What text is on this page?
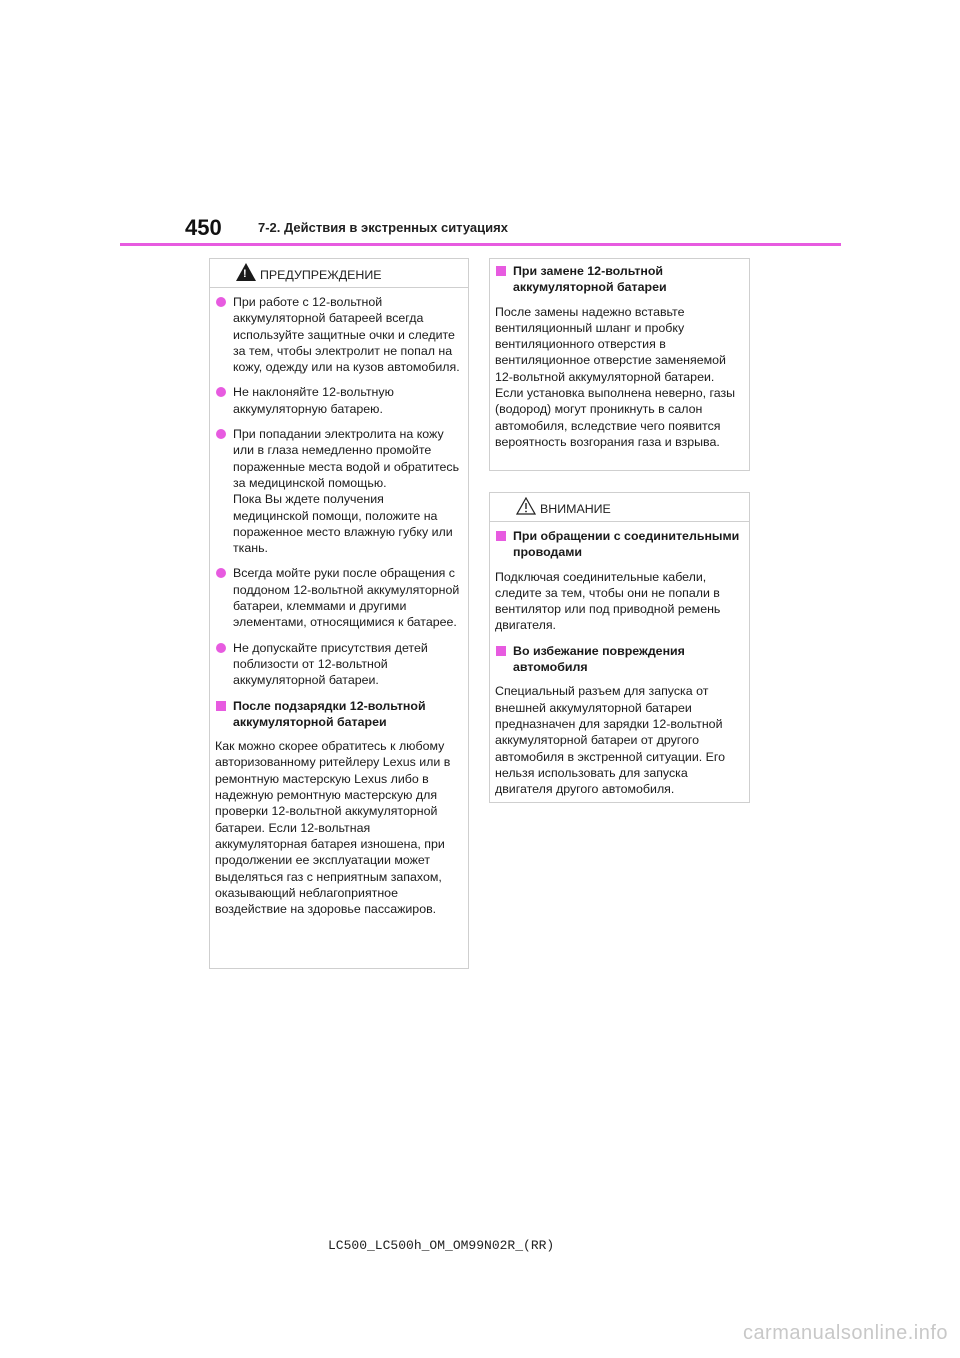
450	7-2. Действия в экстренных ситуациях
!
ПРЕДУПРЕЖДЕНИЕ
При работе с 12-вольтной аккумуляторной батареей всегда используйте защитные очки и следите за тем, чтобы электролит не попал на кожу, одежду или на кузов автомобиля.
Не наклоняйте 12-вольтную аккумуляторную батарею.
При попадании электролита на кожу или в глаза немедленно промойте пораженные места водой и обратитесь за медицинской помощью.
Пока Вы ждете получения медицинской помощи, положите на пораженное место влажную губку или ткань.
Всегда мойте руки после обращения с поддоном 12-вольтной аккумуляторной батареи, клеммами и другими элементами, относящимися к батарее.
Не допускайте присутствия детей поблизости от 12-вольтной аккумуляторной батареи.
После подзарядки 12-вольтной аккумуляторной батареи
Как можно скорее обратитесь к любому авторизованному ритейлеру Lexus или в ремонтную мастерскую Lexus либо в надежную ремонтную мастерскую для проверки 12-вольтной аккумуляторной батареи. Если 12-вольтная аккумуляторная батарея изношена, при продолжении ее эксплуатации может выделяться газ с неприятным запахом, оказывающий неблагоприятное воздействие на здоровье пассажиров.
При замене 12-вольтной аккумуляторной батареи
После замены надежно вставьте вентиляционный шланг и пробку вентиляционного отверстия в вентиляционное отверстие заменяемой 12-вольтной аккумуляторной батареи. Если установка выполнена неверно, газы (водород) могут проникнуть в салон автомобиля, вследствие чего появится вероятность возгорания газа и взрыва.
ВНИМАНИЕ
При обращении с соединительными проводами
Подключая соединительные кабели, следите за тем, чтобы они не попали в вентилятор или под приводной ремень двигателя.
Во избежание повреждения автомобиля
Специальный разъем для запуска от внешней аккумуляторной батареи предназначен для зарядки 12-вольтной аккумуляторной батареи от другого автомобиля в экстренной ситуации. Его нельзя использовать для запуска двигателя другого автомобиля.
LC500_LC500h_OM_OM99N02R_(RR)
carmanualsonline.info
